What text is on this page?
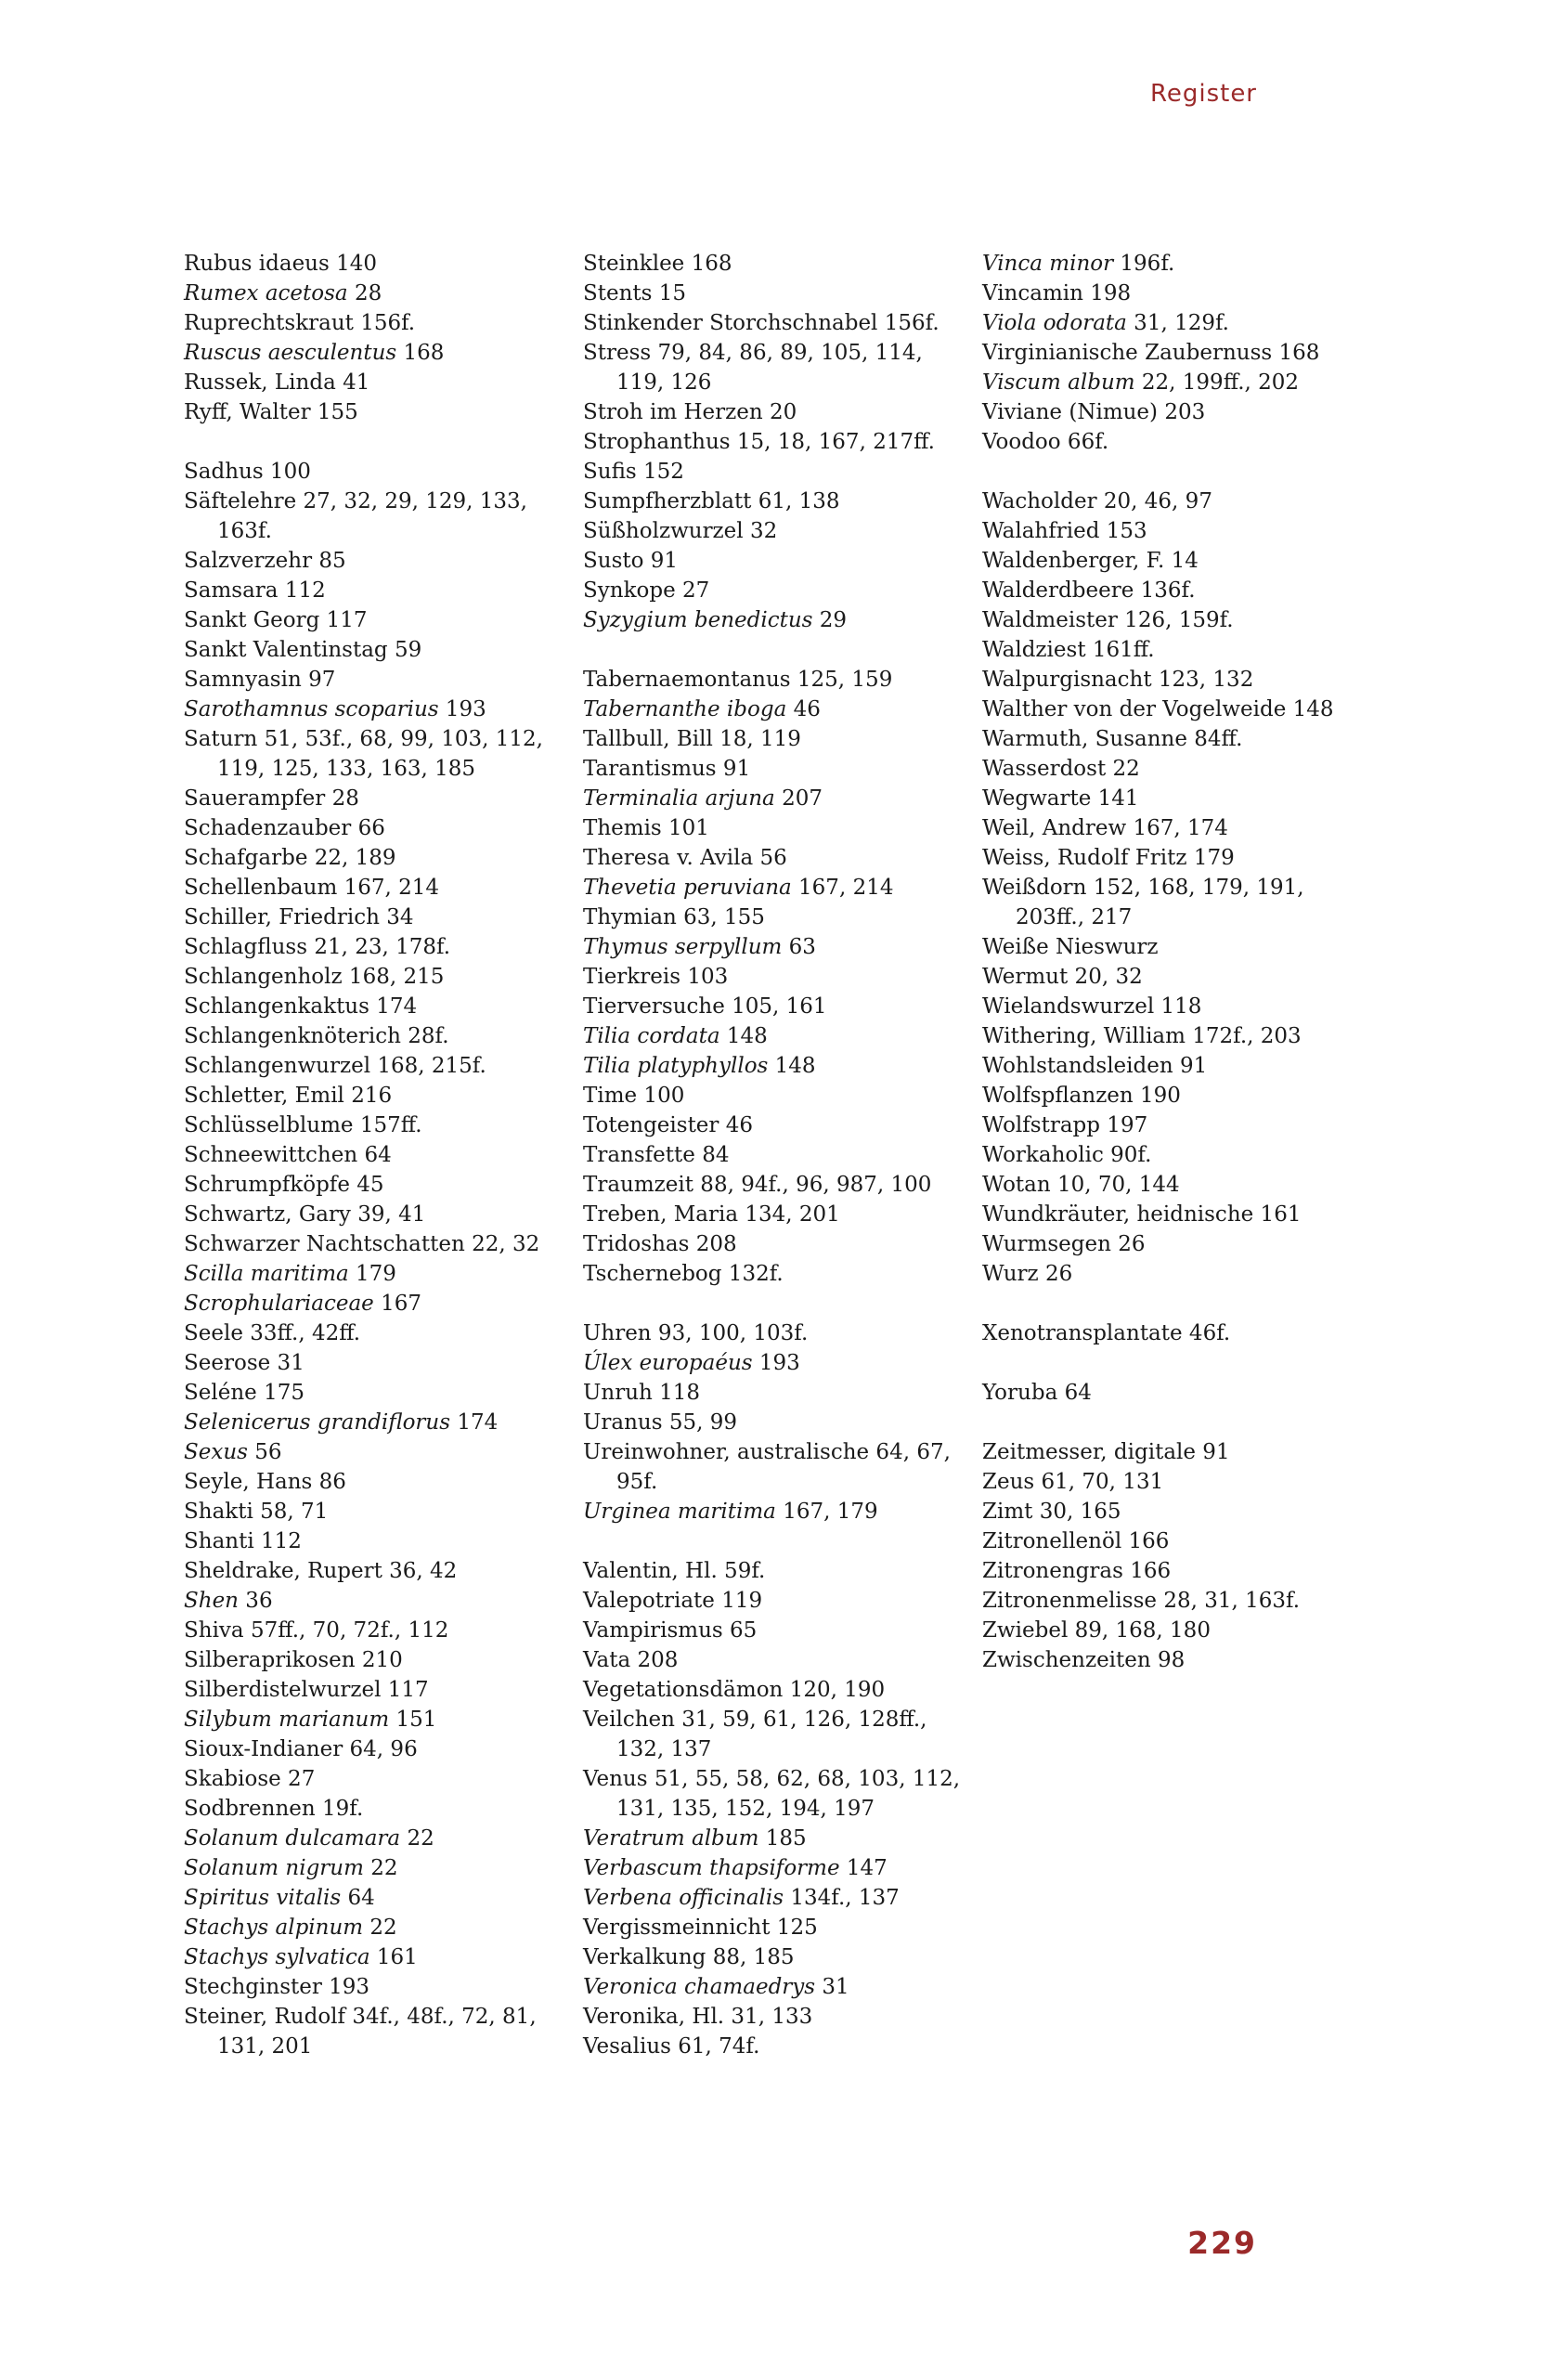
Register

Rubus idaeus 140

Rumex acetosa 28

Ruprechtskraut 156f.

Ruscus aesculentus 168

Russek, Linda 41

Ryff, Walter 155

Sadhus 100

Säftelehre 27, 32, 29, 129, 133, 163f.

Salzverzehr 85

Samsara 112

Sankt Georg 117

Sankt Valentinstag 59

Samnyasin 97

Sarothamnus scoparius 193

Saturn 51, 53f., 68, 99, 103, 112, 119, 125, 133, 163, 185

Sauerampfer 28

Schadenzauber 66

Schafgarbe 22, 189

Schellenbaum 167, 214

Schiller, Friedrich 34

Schlagfluss 21, 23, 178f.

Schlangenholz 168, 215

Schlangenkaktus 174

Schlangenknöterich 28f.

Schlangenwurzel 168, 215f.

Schletter, Emil 216

Schlüsselblume 157ff.

Schneewittchen 64

Schrumpfköpfe 45

Schwartz, Gary 39, 41

Schwarzer Nachtschatten 22, 32

Scilla maritima 179

Scrophulariaceae 167

Seele 33ff., 42ff.

Seerose 31

Seléne 175

Selenicerus grandiflorus 174

Sexus 56

Seyle, Hans 86

Shakti 58, 71

Shanti 112

Sheldrake, Rupert 36, 42

Shen 36

Shiva 57ff., 70, 72f., 112

Silberaprikosen 210

Silberdistelwurzel 117

Silybum marianum 151

Sioux-Indianer 64, 96

Skabiose 27

Sodbrennen 19f.

Solanum dulcamara 22

Solanum nigrum 22

Spiritus vitalis 64

Stachys alpinum 22

Stachys sylvatica 161

Stechginster 193

Steiner, Rudolf 34f., 48f., 72, 81, 131, 201

Steinklee 168

Stents 15

Stinkender Storchschnabel 156f.

Stress 79, 84, 86, 89, 105, 114, 119, 126

Stroh im Herzen 20

Strophanthus 15, 18, 167, 217ff.

Sufis 152

Sumpfherzblatt 61, 138

Süßholzwurzel 32

Susto 91

Synkope 27

Syzygium benedictus 29

Tabernaemontanus 125, 159

Tabernanthe iboga 46

Tallbull, Bill 18, 119

Tarantismus 91

Terminalia arjuna 207

Themis 101

Theresa v. Avila 56

Thevetia peruviana 167, 214

Thymian 63, 155

Thymus serpyllum 63

Tierkreis 103

Tierversuche 105, 161

Tilia cordata 148

Tilia platyphyllos 148

Time 100

Totengeister 46

Transfette 84

Traumzeit 88, 94f., 96, 987, 100

Treben, Maria 134, 201

Tridoshas 208

Tschernebog 132f.

Uhren 93, 100, 103f.

Úlex europaéus 193

Unruh 118

Uranus 55, 99

Ureinwohner, australische 64, 67, 95f.

Urginea maritima 167, 179

Valentin, Hl. 59f.

Valepotriate 119

Vampirismus 65

Vata 208

Vegetationsdämon 120, 190

Veilchen 31, 59, 61, 126, 128ff., 132, 137

Venus 51, 55, 58, 62, 68, 103, 112, 131, 135, 152, 194, 197

Veratrum album 185

Verbascum thapsiforme 147

Verbena officinalis 134f., 137

Vergissmeinnicht 125

Verkalkung 88, 185

Veronica chamaedrys 31

Veronika, Hl. 31, 133

Vesalius 61, 74f.

Vinca minor 196f.

Vincamin 198

Viola odorata 31, 129f.

Virginianische Zaubernuss 168

Viscum album 22, 199ff., 202

Viviane (Nimue) 203

Voodoo 66f.

Wacholder 20, 46, 97

Walahfried 153

Waldenberger, F. 14

Walderdbeere 136f.

Waldmeister 126, 159f.

Waldziest 161ff.

Walpurgisnacht 123, 132

Walther von der Vogelweide 148

Warmuth, Susanne 84ff.

Wasserdost 22

Wegwarte 141

Weil, Andrew 167, 174

Weiss, Rudolf Fritz 179

Weißdorn 152, 168, 179, 191, 203ff., 217

Weiße Nieswurz

Wermut 20, 32

Wielandswurzel 118

Withering, William 172f., 203

Wohlstandsleiden 91

Wolfspflanzen 190

Wolfstrapp 197

Workaholic 90f.

Wotan 10, 70, 144

Wundkräuter, heidnische 161

Wurmsegen 26

Wurz 26

Xenotransplantate 46f.

Yoruba 64

Zeitmesser, digitale 91

Zeus 61, 70, 131

Zimt 30, 165

Zitronellenöl 166

Zitronengras 166

Zitronenmelisse 28, 31, 163f.

Zwiebel 89, 168, 180

Zwischenzeiten 98

229
